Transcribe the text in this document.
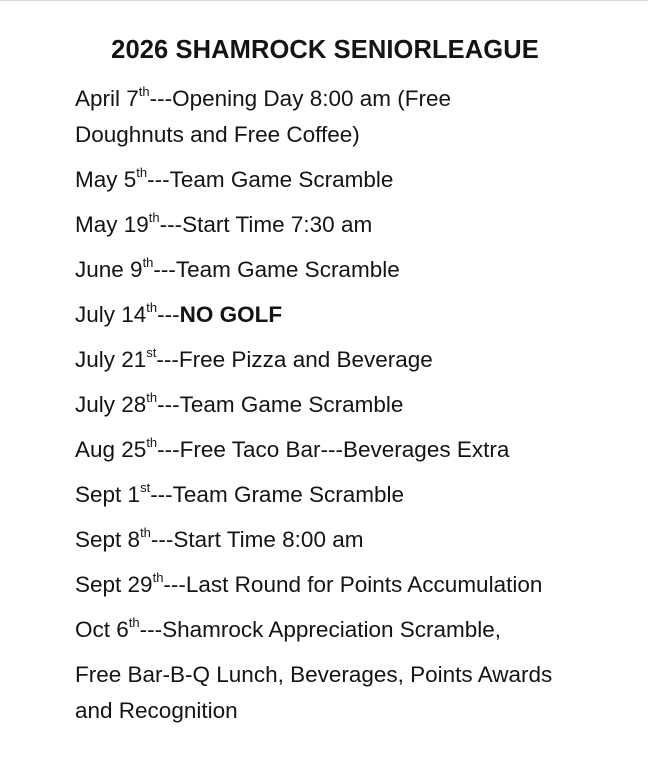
2026 SHAMROCK SENIORLEAGUE
April 7th---Opening Day 8:00 am (Free Doughnuts and Free Coffee)
May 5th---Team Game Scramble
May 19th---Start Time 7:30 am
June 9th---Team Game Scramble
July 14th---NO GOLF
July 21st---Free Pizza and Beverage
July 28th---Team Game Scramble
Aug 25th---Free Taco Bar---Beverages Extra
Sept 1st---Team Grame Scramble
Sept 8th---Start Time 8:00 am
Sept 29th---Last Round for Points Accumulation
Oct 6th---Shamrock Appreciation Scramble,
Free Bar-B-Q Lunch, Beverages, Points Awards and Recognition
